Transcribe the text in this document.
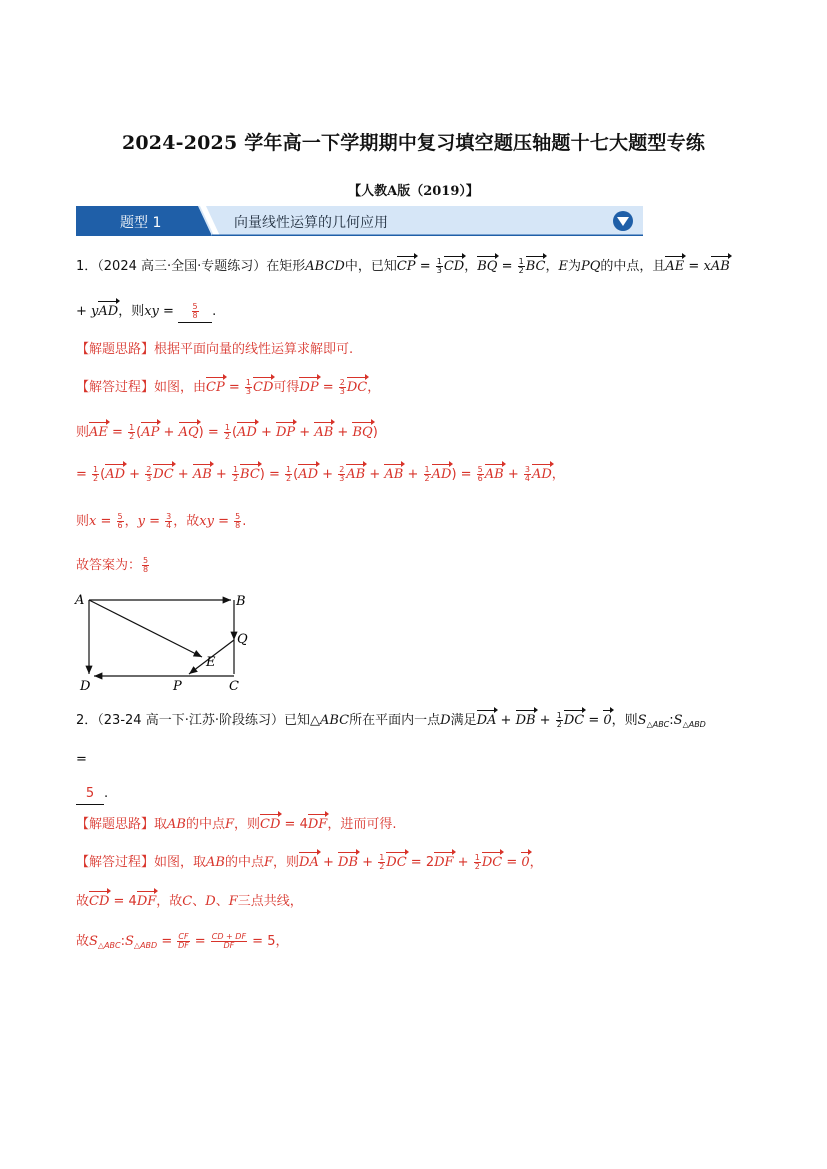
2024-2025 学年高一下学期期中复习填空题压轴题十七大题型专练
【人教A版（2019）】
题型 1	向量线性运算的几何应用
1．（2024 高三·全国·专题练习）在矩形ABCD中，已知CP = $\frac{1}{3}$ CD，BQ = $\frac{1}{2}$ BC，E为PQ的中点，且AE = xAB
+ yAD，则xy = $\frac{5}{8}$ .
【解题思路】根据平面向量的线性运算求解即可.
【解答过程】如图，由CP = $\frac{1}{3}$ CD可得DP = $\frac{2}{3}$ DC，
则AE = $\frac{1}{2} (AP + AQ) = \frac{1}{2} (AD$ + DP + AB + BQ)
= $\frac{1}{2} (AD + \frac{2}{3}$ DC + AB + $\frac{1}{2} BC) = \frac{1}{2} (AD + \frac{2}{3}$ AB + AB + $\frac{1}{2} AD) = \frac{5}{6}$ AB + $\frac{3}{4}$ AD，
则$x = \frac{5}{6}$ ，$y = \frac{3}{4}$ ，故xy = $\frac{5}{8}$ .
故答案为： $\frac{5}{8}$
A	B
Q
E
D	P	C
2．（23-24 高一下·江苏·阶段练习）已知△ABC所在平面内一点D满足DA + DB + $\frac{1}{2}$ DC = 0，则$S_{\triangle ABC}:S_{\triangle ABD}$
=
5 .
【解题思路】取AB的中点F，则CD = 4DF，进而可得.
【解答过程】如图，取AB的中点F，则DA + DB + $\frac{1}{2}$ DC = $2DF + \frac{1}{2}$ DC = 0，
故CD = 4DF，故C、D、F三点共线，
故$S_{\triangle ABC}:S_{\triangle ABD} = \frac{CF}{DF} = \frac{CD + DF}{DF} = 5$，
